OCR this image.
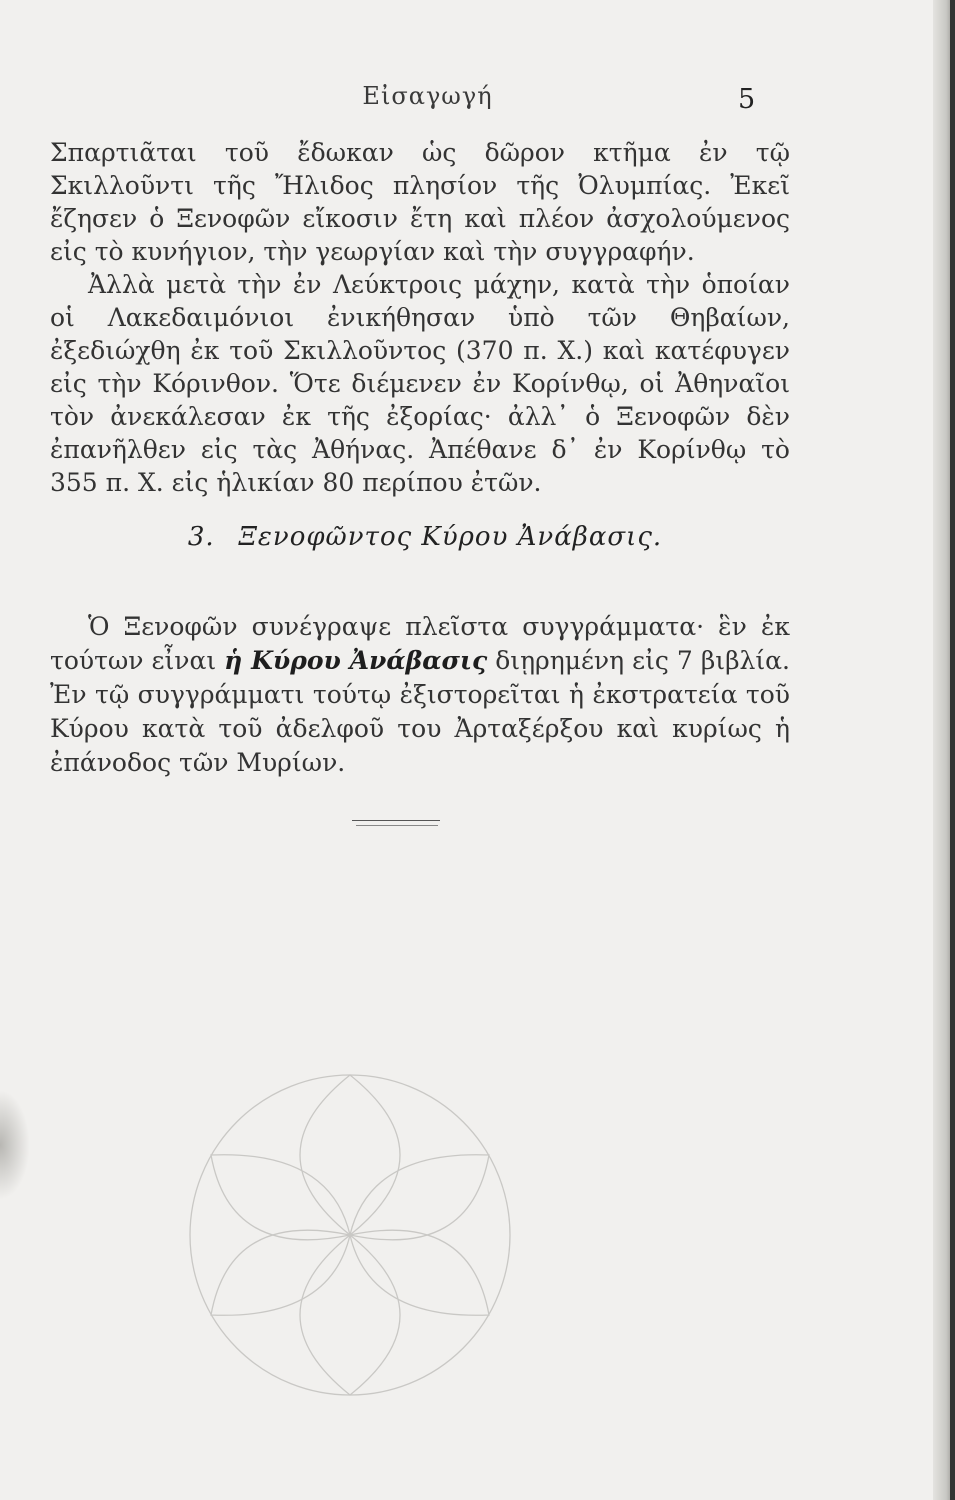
Εἰσαγωγή	5

Σπαρτιᾶται τοῦ ἔδωκαν ὡς δῶρον κτῆμα ἐν τῷ Σκιλλοῦντι τῆς Ἤλιδος πλησίον τῆς Ὀλυμπίας. Ἐκεῖ ἔζησεν ὁ Ξενοφῶν εἴκοσιν ἔτη καὶ πλέον ἀσχολούμενος εἰς τὸ κυνήγιον, τὴν γεωργίαν καὶ τὴν συγγραφήν.

Ἀλλὰ μετὰ τὴν ἐν Λεύκτροις μάχην, κατὰ τὴν ὁποίαν οἱ Λακεδαιμόνιοι ἐνικήθησαν ὑπὸ τῶν Θηβαίων, ἐξεδιώχθη ἐκ τοῦ Σκιλλοῦντος (370 π. Χ.) καὶ κατέφυγεν εἰς τὴν Κόρινθον. Ὅτε διέμενεν ἐν Κορίνθῳ, οἱ Ἀθηναῖοι τὸν ἀνεκάλεσαν ἐκ τῆς ἐξορίας· ἀλλ᾽ ὁ Ξενοφῶν δὲν ἐπανῆλθεν εἰς τὰς Ἀθήνας. Ἀπέθανε δ᾽ ἐν Κορίνθῳ τὸ 355 π. Χ. εἰς ἡλικίαν 80 περίπου ἐτῶν.

3. Ξενοφῶντος Κύρου Ἀνάβασις.

Ὁ Ξενοφῶν συνέγραψε πλεῖστα συγγράμματα· ἓν ἐκ τούτων εἶναι ἡ Κύρου Ἀνάβασις διῃρημένη εἰς 7 βιβλία. Ἐν τῷ συγγράμματι τούτῳ ἐξιστορεῖται ἡ ἐκστρατεία τοῦ Κύρου κατὰ τοῦ ἀδελφοῦ του Ἀρταξέρξου καὶ κυρίως ἡ ἐπάνοδος τῶν Μυρίων.
